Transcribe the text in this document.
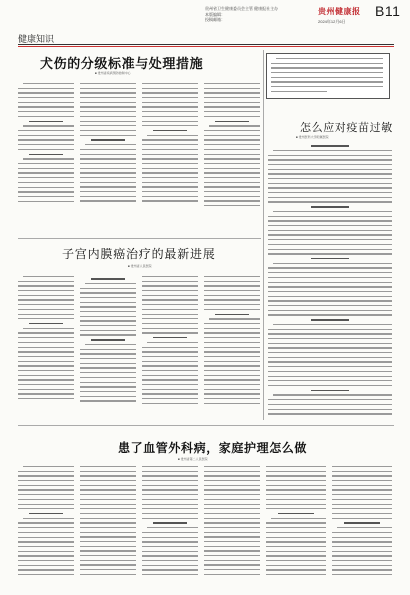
贵州省卫生健康委员会主管 健康报社主办
本版编辑：
投稿邮箱：
贵州健康报 B11
2024年12月6日
健康知识
犬伤的分级标准与处理措施
■ 贵州省疾病预防控制中心
怎么应对疫苗过敏
■ 贵州医科大学附属医院
子宫内膜癌治疗的最新进展
■ 贵州省人民医院
患了血管外科病，家庭护理怎么做
■ 贵州省第二人民医院
